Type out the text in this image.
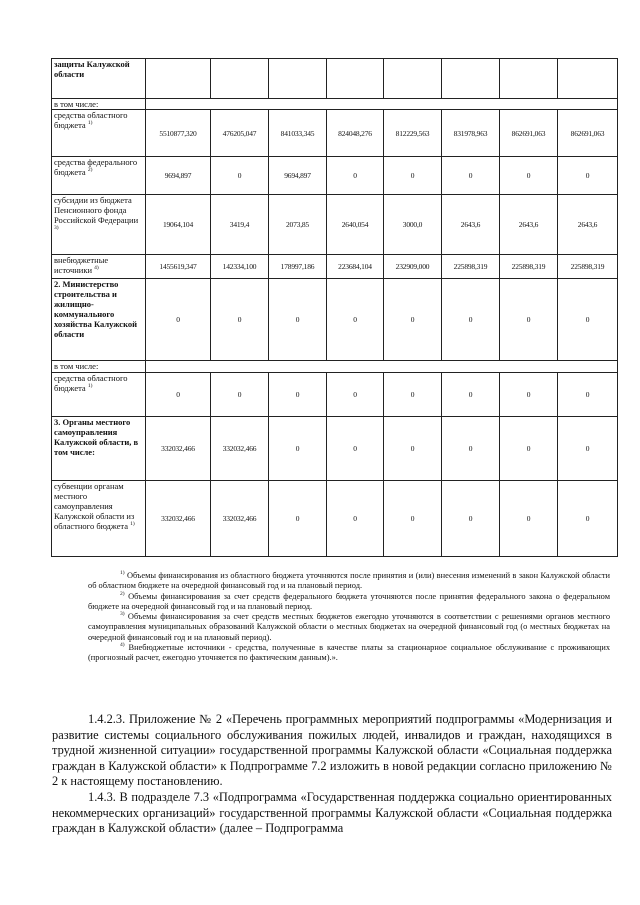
защиты Калужской области								
в том числе:								
средства областного бюджета $^{1)}$	5510877,320	476205,047	841033,345	824048,276	812229,563	831978,963	862691,063	862691,063
средства федерального бюджета $^{2)}$	9694,897	0	9694,897	0	0	0	0	0
субсидии из бюджета Пенсионного фонда Российской Федерации $^{3)}$	19064,104	3419,4	2073,85	2640,054	3000,0	2643,6	2643,6	2643,6
внебюджетные источники $^{4)}$	1455619,347	142334,100	178997,186	223684,104	232909,000	225898,319	225898,319	225898,319
2. Министерство строительства и жилищно-коммунального хозяйства Калужской области	0	0	0	0	0	0	0	0
в том числе:								
средства областного бюджета $^{1)}$	0	0	0	0	0	0	0	0
3. Органы местного самоуправления Калужской области, в том числе:	332032,466	332032,466	0	0	0	0	0	0
субвенции органам местного самоуправления Калужской области из областного бюджета $^{1)}$	332032,466	332032,466	0	0	0	0	0	0

$^{1)}$ Объемы финансирования из областного бюджета уточняются после принятия и (или) внесения изменений в закон Калужской области об областном бюджете на очередной финансовый год и на плановый период.

$^{2)}$ Объемы финансирования за счет средств федерального бюджета уточняются после принятия федерального закона о федеральном бюджете на очередной финансовый год и на плановый период.

$^{3)}$ Объемы финансирования за счет средств местных бюджетов ежегодно уточняются в соответствии с решениями органов местного самоуправления муниципальных образований Калужской области о местных бюджетах на очередной финансовый год (о местных бюджетах на очередной финансовый год и на плановый период).

$^{4)}$ Внебюджетные источники - средства, полученные в качестве платы за стационарное социальное обслуживание с проживающих (прогнозный расчет, ежегодно уточняется по фактическим данным).».

1.4.2.3. Приложение № 2 «Перечень программных мероприятий подпрограммы «Модернизация и развитие системы социального обслуживания пожилых людей, инвалидов и граждан, находящихся в трудной жизненной ситуации» государственной программы Калужской области «Социальная поддержка граждан в Калужской области» к Подпрограмме 7.2 изложить в новой редакции согласно приложению № 2 к настоящему постановлению.

1.4.3. В подразделе 7.3 «Подпрограмма «Государственная поддержка социально ориентированных некоммерческих организаций» государственной программы Калужской области «Социальная поддержка граждан в Калужской области» (далее – Подпрограмма
